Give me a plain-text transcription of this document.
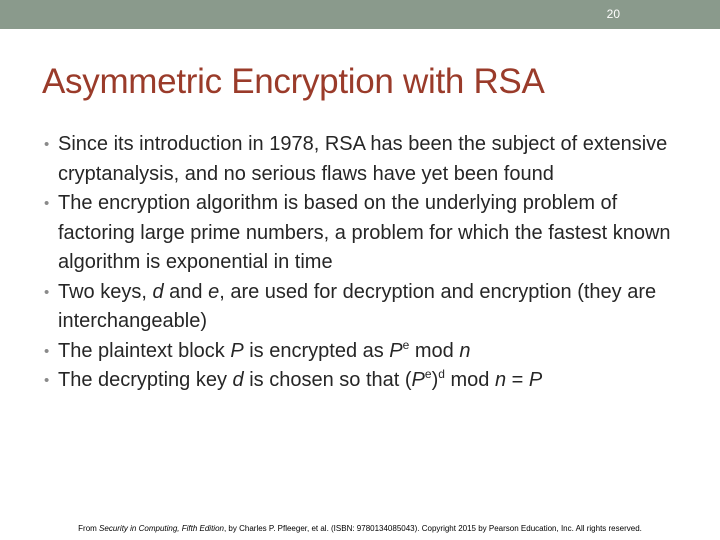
20
Asymmetric Encryption with RSA
• Since its introduction in 1978, RSA has been the subject of extensive cryptanalysis, and no serious flaws have yet been found
• The encryption algorithm is based on the underlying problem of factoring large prime numbers, a problem for which the fastest known algorithm is exponential in time
• Two keys, d and e, are used for decryption and encryption (they are interchangeable)
• The plaintext block P is encrypted as $P^e$ mod n
• The decrypting key d is chosen so that $(P^e)^d$ mod n = P
From Security in Computing, Fifth Edition, by Charles P. Pfleeger, et al. (ISBN: 9780134085043). Copyright 2015 by Pearson Education, Inc. All rights reserved.
